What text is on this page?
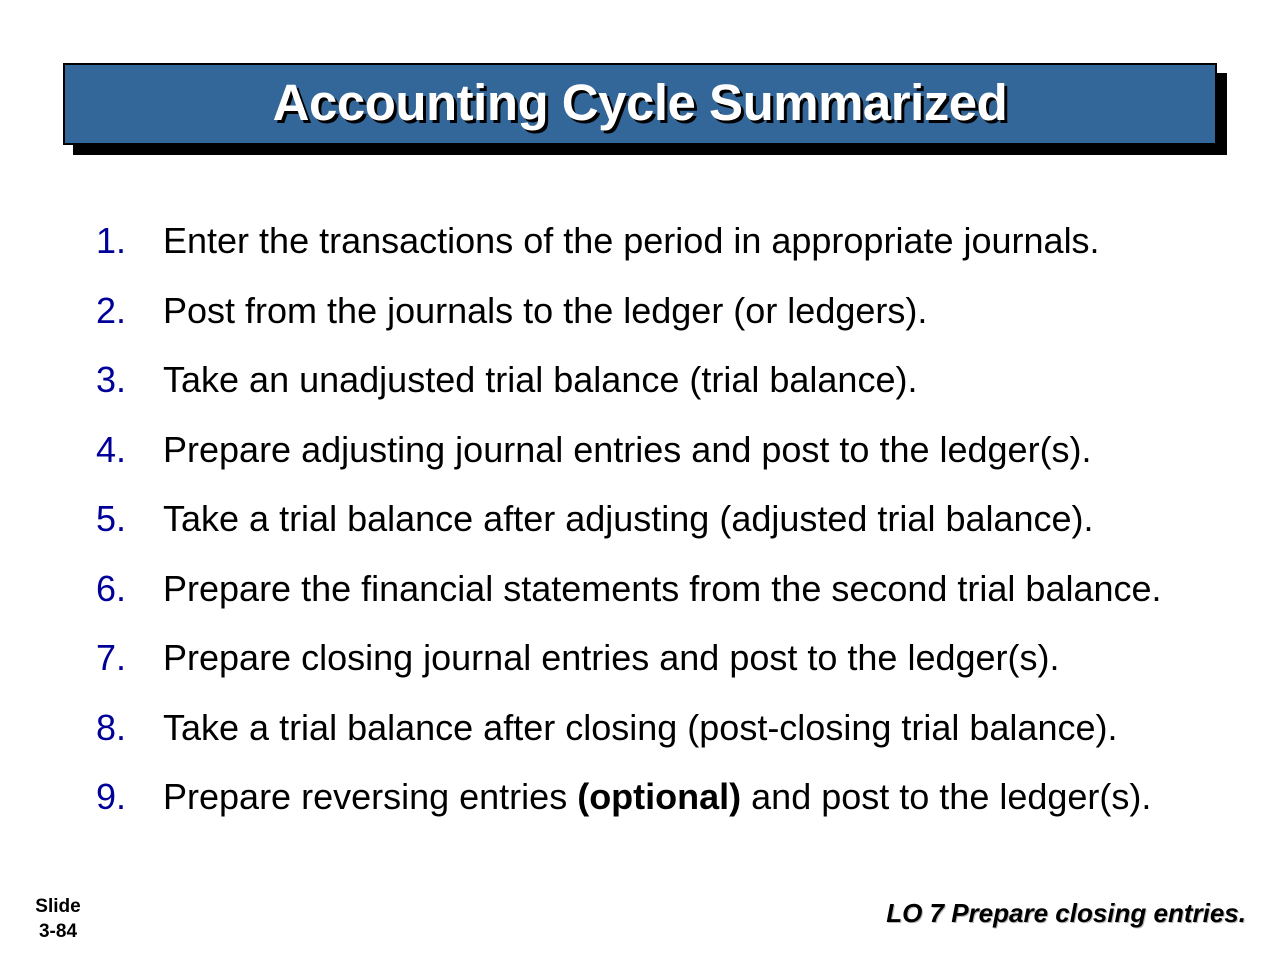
Accounting Cycle Summarized
1.	Enter the transactions of the period in appropriate journals.
2.	Post from the journals to the ledger (or ledgers).
3.	Take an unadjusted trial balance (trial balance).
4.	Prepare adjusting journal entries and post to the ledger(s).
5.	Take a trial balance after adjusting (adjusted trial balance).
6.	Prepare the financial statements from the second trial balance.
7.	Prepare closing journal entries and post to the ledger(s).
8.	Take a trial balance after closing (post-closing trial balance).
9.	Prepare reversing entries (optional) and post to the ledger(s).
Slide
3-84
LO 7 Prepare closing entries.
